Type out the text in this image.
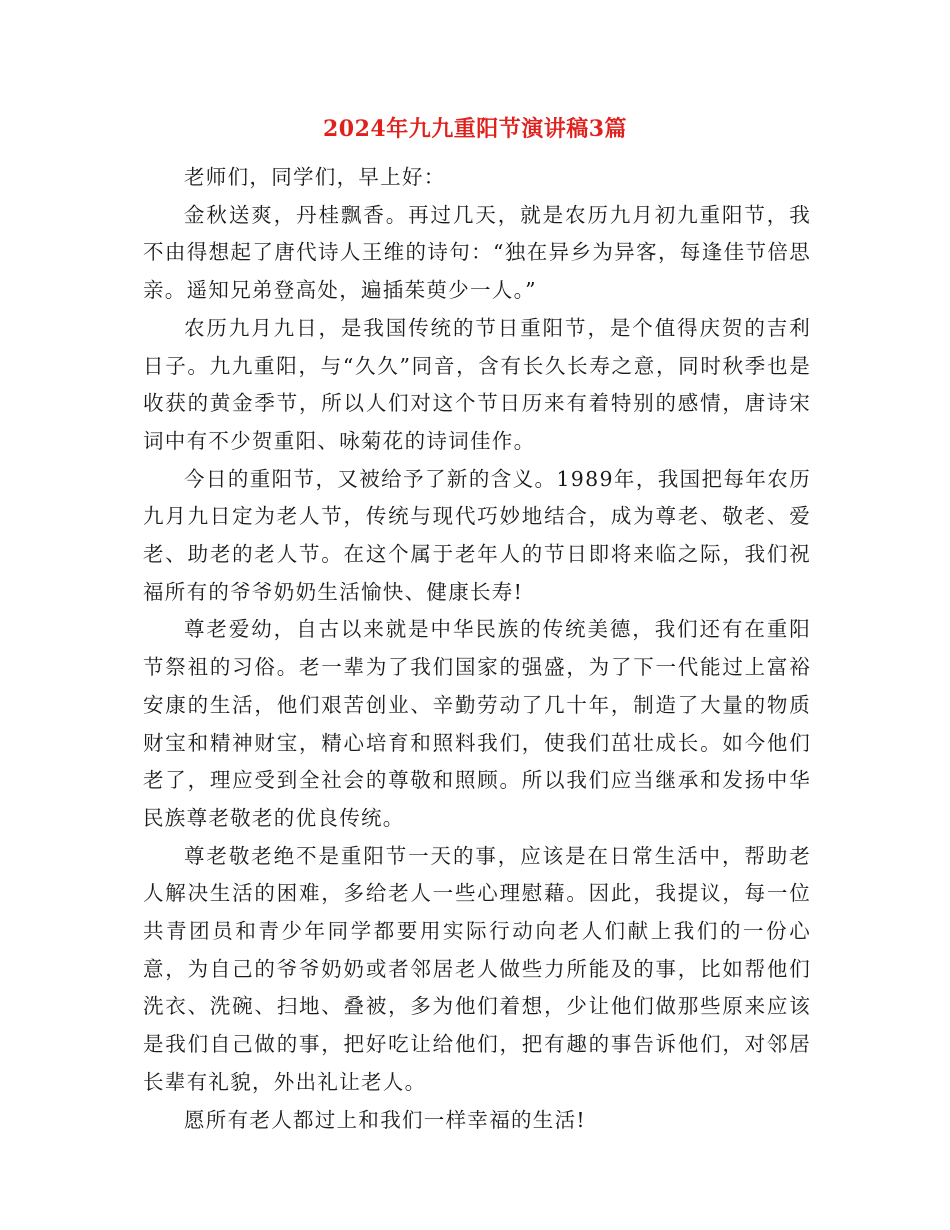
2024年九九重阳节演讲稿3篇

老师们，同学们，早上好：

金秋送爽，丹桂飘香。再过几天，就是农历九月初九重阳节，我不由得想起了唐代诗人王维的诗句：“独在异乡为异客，每逢佳节倍思亲。遥知兄弟登高处，遍插茱萸少一人。”

农历九月九日，是我国传统的节日重阳节，是个值得庆贺的吉利日子。九九重阳，与“久久”同音，含有长久长寿之意，同时秋季也是收获的黄金季节，所以人们对这个节日历来有着特别的感情，唐诗宋词中有不少贺重阳、咏菊花的诗词佳作。

今日的重阳节，又被给予了新的含义。1989年，我国把每年农历九月九日定为老人节，传统与现代巧妙地结合，成为尊老、敬老、爱老、助老的老人节。在这个属于老年人的节日即将来临之际，我们祝福所有的爷爷奶奶生活愉快、健康长寿!

尊老爱幼，自古以来就是中华民族的传统美德，我们还有在重阳节祭祖的习俗。老一辈为了我们国家的强盛，为了下一代能过上富裕安康的生活，他们艰苦创业、辛勤劳动了几十年，制造了大量的物质财宝和精神财宝，精心培育和照料我们，使我们茁壮成长。如今他们老了，理应受到全社会的尊敬和照顾。所以我们应当继承和发扬中华民族尊老敬老的优良传统。

尊老敬老绝不是重阳节一天的事，应该是在日常生活中，帮助老人解决生活的困难，多给老人一些心理慰藉。因此，我提议，每一位共青团员和青少年同学都要用实际行动向老人们献上我们的一份心意，为自己的爷爷奶奶或者邻居老人做些力所能及的事，比如帮他们洗衣、洗碗、扫地、叠被，多为他们着想，少让他们做那些原来应该是我们自己做的事，把好吃让给他们，把有趣的事告诉他们，对邻居长辈有礼貌，外出礼让老人。

愿所有老人都过上和我们一样幸福的生活!
